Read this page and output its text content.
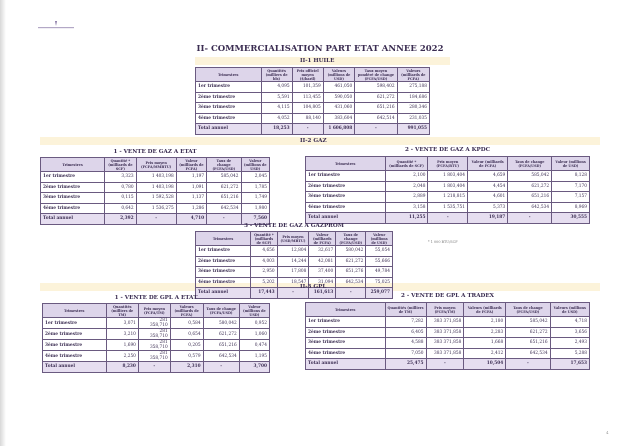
II- COMMERCIALISATION PART ETAT ANNEE 2022
II-1 HUILE
II-2 GAZ
II-3 GPL
* 1 000 BTU/SCF
4
Trimestres	Quantités (milliers de bls)	Prix officiel moyen ($/baril)	Valeurs (millions de USD)	Taux moyen pondéré de change (FCFA/USD)	Valeurs (milliards de FCFA)
1er trimestre	4,095	101,359	461,050	598,402	275,188
2ème trimestre	5,591	113,455	590,050	621,272	184,686
3ème trimestre	4,115	104,805	431,060	651,216	280,346
4ème trimestre	4,052	88,140	383,604	642,514	231,035
Total annuel	18,253	-	1 606,808	-	991,055
1 - VENTE DE GAZ A ETAT
Trimestres	Quantité * (milliards de SCF)	Prix moyen (FCFA/MMBTU)	Valeur (milliards de FCFA)	Taux de change (FCFA/USD)	Valeur (millions de USD)
1er trimestre	3,323	1 403,198	1,197	585,042	2,045
2ème trimestre	0,780	1 403,198	1,091	621,272	1,785
3ème trimestre	0,115	1 592,528	1,137	651,216	1,749
4ème trimestre	0,642	1 536,275	1,286	642,534	1,980
Total annuel	2,392	-	4,710	-	7,560
2 - VENTE DE GAZ A KPDC
Trimestres	Quantité * (milliards de SCF)	Prix moyen (FCFA/BTU)	Valeur (milliards de FCFA)	Taux de change (FCFA/USD)	Valeur (millions de USD)
1er trimestre	2,100	1 803,404	4,659	585,042	8,128
2ème trimestre	2,048	1 803,404	4,454	621,272	7,170
3ème trimestre	2,889	1 218,815	4,601	651,216	7,157
4ème trimestre	3,158	1 535,751	5,373	642,534	8,969
Total annuel	11,255	-	19,187	-	30,555
3 - VENTE DE GAZ A GAZPROM
Trimestres	Quantité * (milliards de SCF)	Prix moyen (USD/MBTU)	Valeur (milliards de FCFA)	Taux de change (FCFA/USD)	Valeur (millions de USD)
1er trimestre	4,656	12,804	32,617	580,042	55,054
2ème trimestre	4,003	14,244	42,081	621,272	55,666
3ème trimestre	2,950	17,808	37,400	651,276	49,784
4ème trimestre	5,202	18,547	31,094	642,534	75,025
Total annuel	17,443	-	161,613	-	259,077
1 - VENTE DE GPL A ETAT
Trimestres	Quantités (milliers de TM)	Prix moyen (FCFA/TM)	Valeurs (milliards de FCFA)	Taux de change (FCFA/USD)	Valeur (millions de USD)
1er trimestre	3,071	281 358,710	0,584	580,042	0,952
2ème trimestre	3,210	281 358,710	0,654	621,272	1,060
3ème trimestre	1,690	281 358,710	0,205	651,216	0,474
4ème trimestre	2,250	281 358,710	0,579	642,534	1,195
Total annuel	8,230	-	2,310	-	3,700
2 - VENTE DE GPL A TRADEX
Trimestres	Quantités (milliers de TM)	Prix moyen (FCFA/TM)	Valeurs (milliards de FCFA)	Taux de change (FCFA/USD)	Valeurs (millions de USD)
1er trimestre	7,282	383 371,858	2,180	585,042	4,718
2ème trimestre	6,405	383 371,858	2,283	621,272	3,656
3ème trimestre	4,588	383 371,858	1,668	651,216	2,493
4ème trimestre	7,050	383 371,858	2,412	642,534	5,288
Total annuel	25,475	-	10,504	-	17,653
